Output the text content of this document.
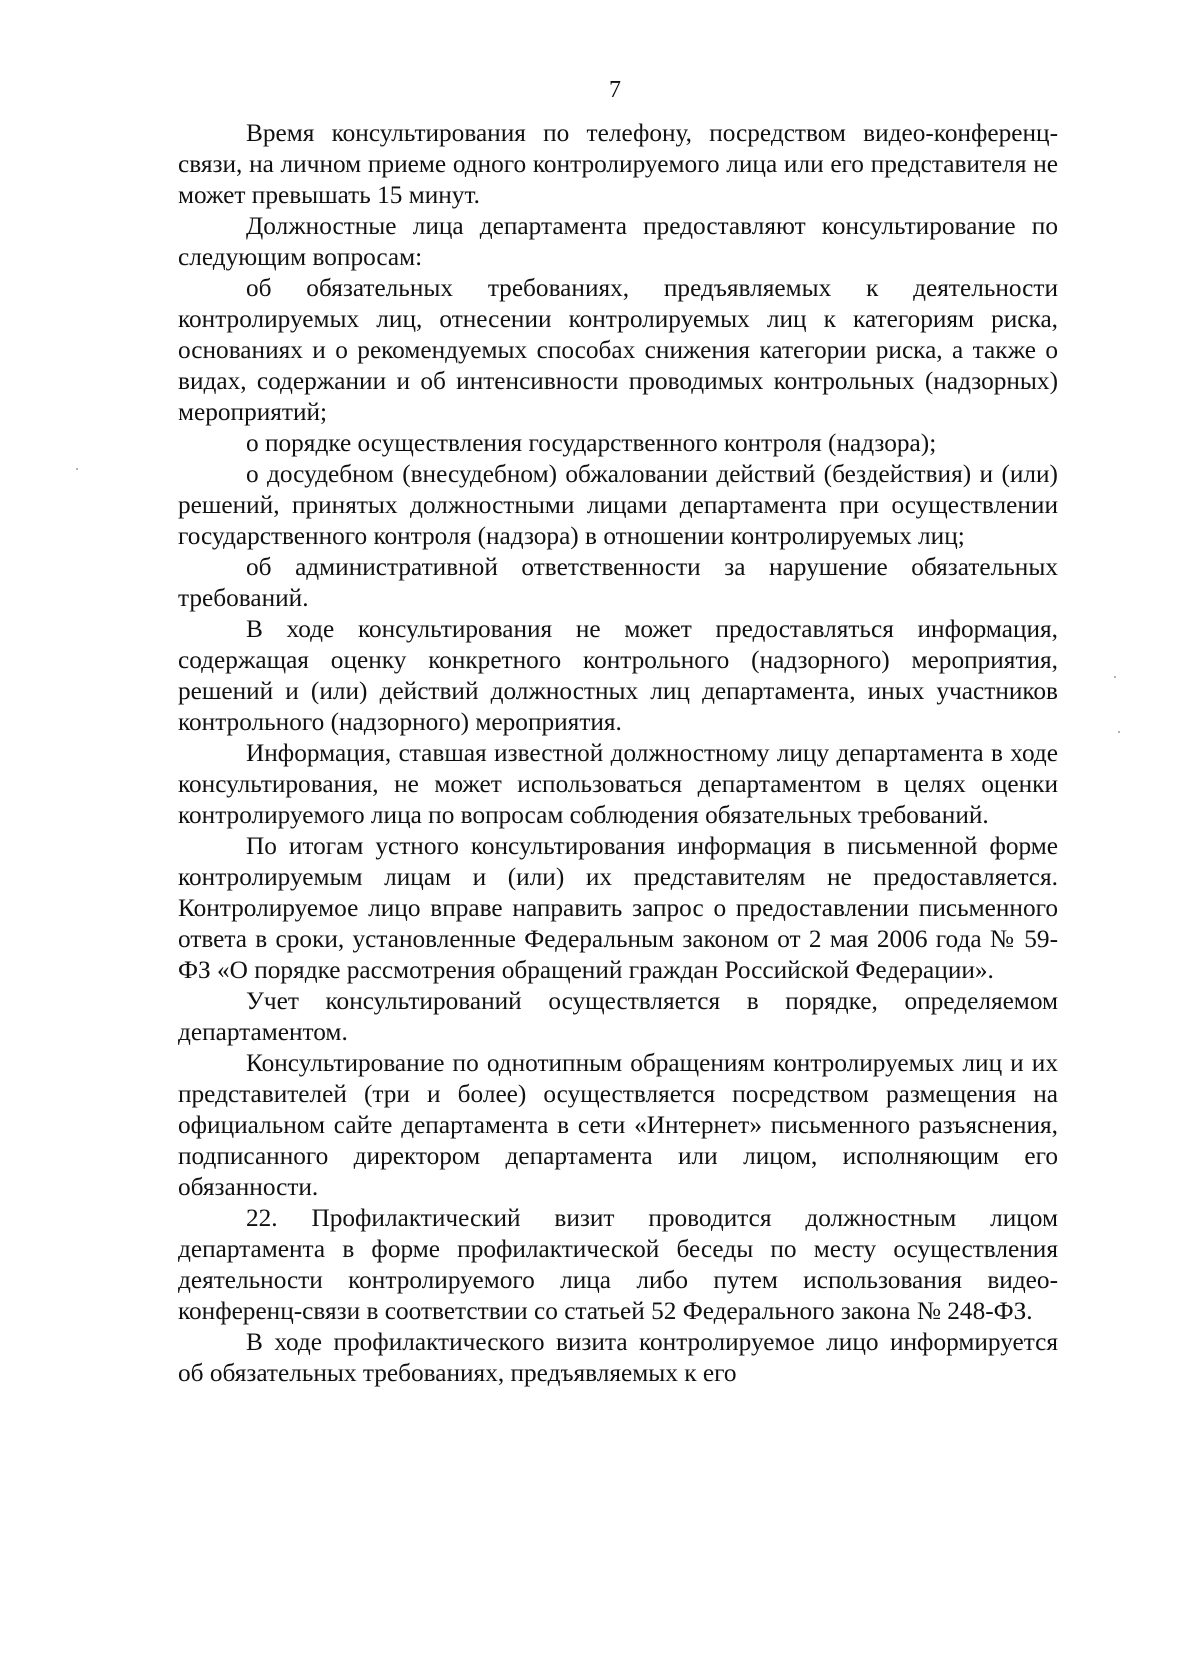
7

Время консультирования по телефону, посредством видео-конференц-связи, на личном приеме одного контролируемого лица или его представителя не может превышать 15 минут.

Должностные лица департамента предоставляют консультирование по следующим вопросам:

об обязательных требованиях, предъявляемых к деятельности контролируемых лиц, отнесении контролируемых лиц к категориям риска, основаниях и о рекомендуемых способах снижения категории риска, а также о видах, содержании и об интенсивности проводимых контрольных (надзорных) мероприятий;

о порядке осуществления государственного контроля (надзора);

о досудебном (внесудебном) обжаловании действий (бездействия) и (или) решений, принятых должностными лицами департамента при осуществлении государственного контроля (надзора) в отношении контролируемых лиц;

об административной ответственности за нарушение обязательных требований.

В ходе консультирования не может предоставляться информация, содержащая оценку конкретного контрольного (надзорного) мероприятия, решений и (или) действий должностных лиц департамента, иных участников контрольного (надзорного) мероприятия.

Информация, ставшая известной должностному лицу департамента в ходе консультирования, не может использоваться департаментом в целях оценки контролируемого лица по вопросам соблюдения обязательных требований.

По итогам устного консультирования информация в письменной форме контролируемым лицам и (или) их представителям не предоставляется. Контролируемое лицо вправе направить запрос о предоставлении письменного ответа в сроки, установленные Федеральным законом от 2 мая 2006 года № 59-ФЗ «О порядке рассмотрения обращений граждан Российской Федерации».

Учет консультирований осуществляется в порядке, определяемом департаментом.

Консультирование по однотипным обращениям контролируемых лиц и их представителей (три и более) осуществляется посредством размещения на официальном сайте департамента в сети «Интернет» письменного разъяснения, подписанного директором департамента или лицом, исполняющим его обязанности.

22. Профилактический визит проводится должностным лицом департамента в форме профилактической беседы по месту осуществления деятельности контролируемого лица либо путем использования видео-конференц-связи в соответствии со статьей 52 Федерального закона № 248-ФЗ.

В ходе профилактического визита контролируемое лицо информируется об обязательных требованиях, предъявляемых к его
